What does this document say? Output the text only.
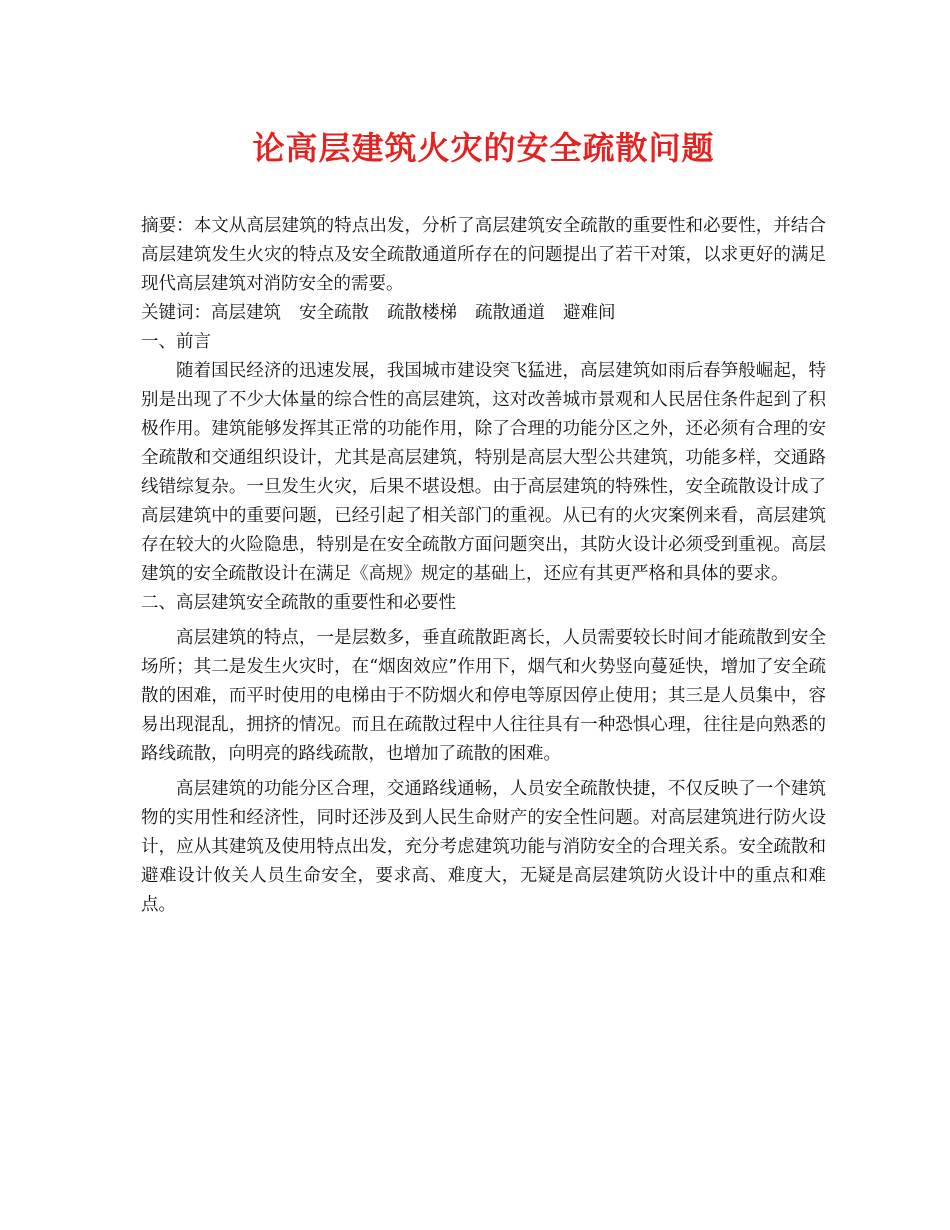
论高层建筑火灾的安全疏散问题

摘要：本文从高层建筑的特点出发，分析了高层建筑安全疏散的重要性和必要性，并结合高层建筑发生火灾的特点及安全疏散通道所存在的问题提出了若干对策，以求更好的满足现代高层建筑对消防安全的需要。

关键词：高层建筑 安全疏散 疏散楼梯 疏散通道 避难间

一、前言

随着国民经济的迅速发展，我国城市建设突飞猛进，高层建筑如雨后春笋般崛起，特别是出现了不少大体量的综合性的高层建筑，这对改善城市景观和人民居住条件起到了积极作用。建筑能够发挥其正常的功能作用，除了合理的功能分区之外，还必须有合理的安全疏散和交通组织设计，尤其是高层建筑，特别是高层大型公共建筑，功能多样，交通路线错综复杂。一旦发生火灾，后果不堪设想。由于高层建筑的特殊性，安全疏散设计成了高层建筑中的重要问题，已经引起了相关部门的重视。从已有的火灾案例来看，高层建筑存在较大的火险隐患，特别是在安全疏散方面问题突出，其防火设计必须受到重视。高层建筑的安全疏散设计在满足《高规》规定的基础上，还应有其更严格和具体的要求。

二、高层建筑安全疏散的重要性和必要性

高层建筑的特点，一是层数多，垂直疏散距离长，人员需要较长时间才能疏散到安全场所；其二是发生火灾时，在“烟囱效应”作用下，烟气和火势竖向蔓延快，增加了安全疏散的困难，而平时使用的电梯由于不防烟火和停电等原因停止使用；其三是人员集中，容易出现混乱，拥挤的情况。而且在疏散过程中人往往具有一种恐惧心理，往往是向熟悉的路线疏散，向明亮的路线疏散，也增加了疏散的困难。

高层建筑的功能分区合理，交通路线通畅，人员安全疏散快捷，不仅反映了一个建筑物的实用性和经济性，同时还涉及到人民生命财产的安全性问题。对高层建筑进行防火设计，应从其建筑及使用特点出发，充分考虑建筑功能与消防安全的合理关系。安全疏散和避难设计攸关人员生命安全，要求高、难度大，无疑是高层建筑防火设计中的重点和难点。
